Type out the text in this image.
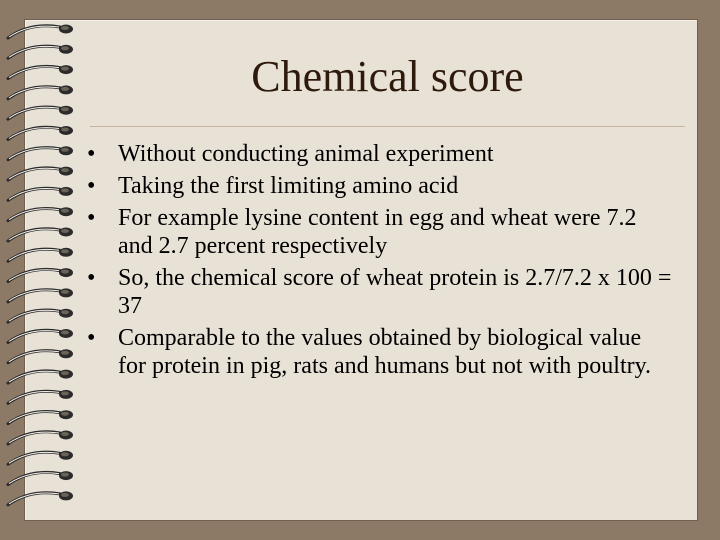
Chemical score
• Without conducting animal experiment
• Taking the first limiting amino acid
• For example lysine content in egg and wheat were 7.2 and 2.7 percent respectively
• So, the chemical score of wheat protein is 2.7/7.2 x 100 = 37
• Comparable to the values obtained by biological value for protein in pig, rats and humans but not with poultry.
